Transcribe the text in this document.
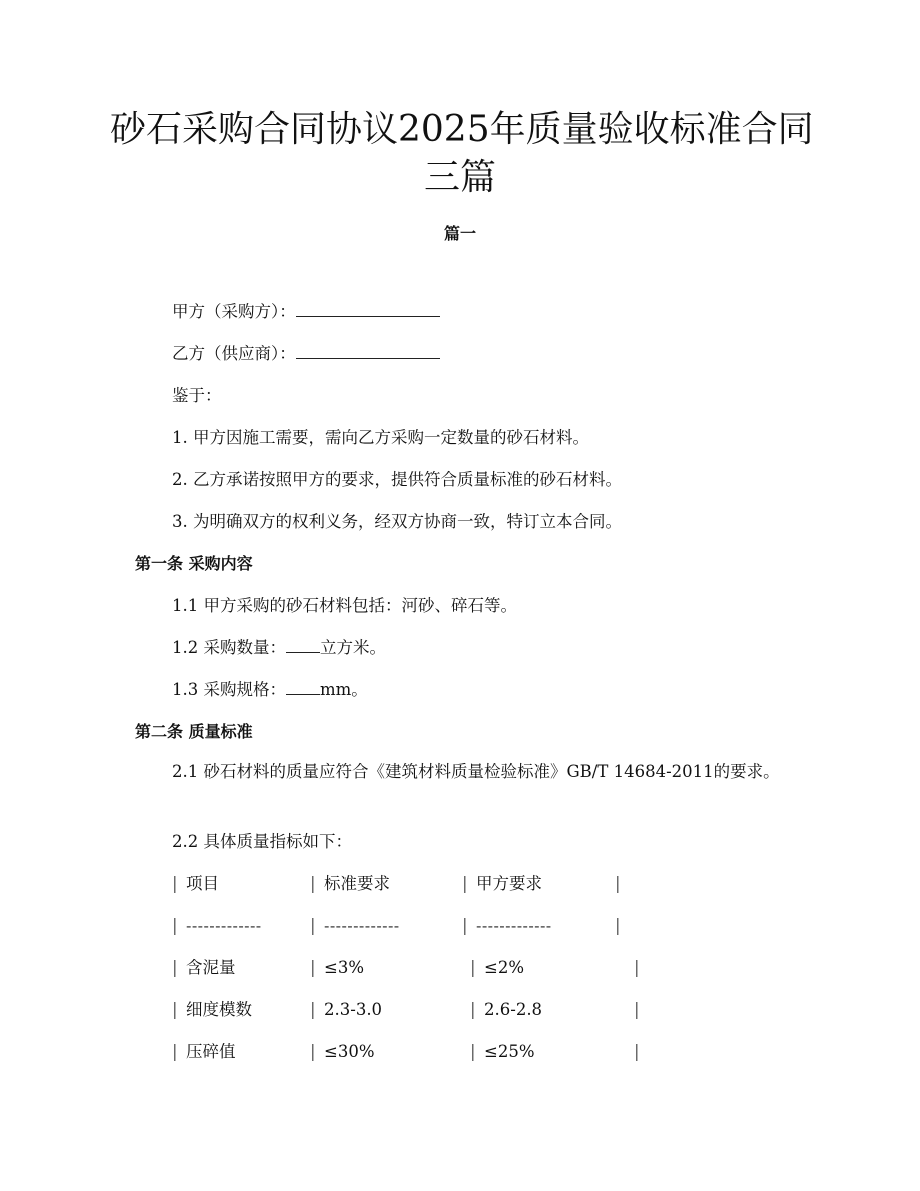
砂石采购合同协议2025年质量验收标准合同
三篇
篇一
甲方（采购方）：
乙方（供应商）：
鉴于：
1. 甲方因施工需要，需向乙方采购一定数量的砂石材料。
2. 乙方承诺按照甲方的要求，提供符合质量标准的砂石材料。
3. 为明确双方的权利义务，经双方协商一致，特订立本合同。
第一条 采购内容
1.1 甲方采购的砂石材料包括：河砂、碎石等。
1.2 采购数量： 立方米。
1.3 采购规格： mm。
第二条 质量标准
2.1 砂石材料的质量应符合《建筑材料质量检验标准》GB/T 14684-2011的要求。
2.2 具体质量指标如下：
| 项目	| 标准要求	| 甲方要求	|
| -------------	| -------------	| -------------	|
| 含泥量	| ≤3%	| ≤2%	|
| 细度模数	| 2.3-3.0	| 2.6-2.8	|
| 压碎值	| ≤30%	| ≤25%	|
